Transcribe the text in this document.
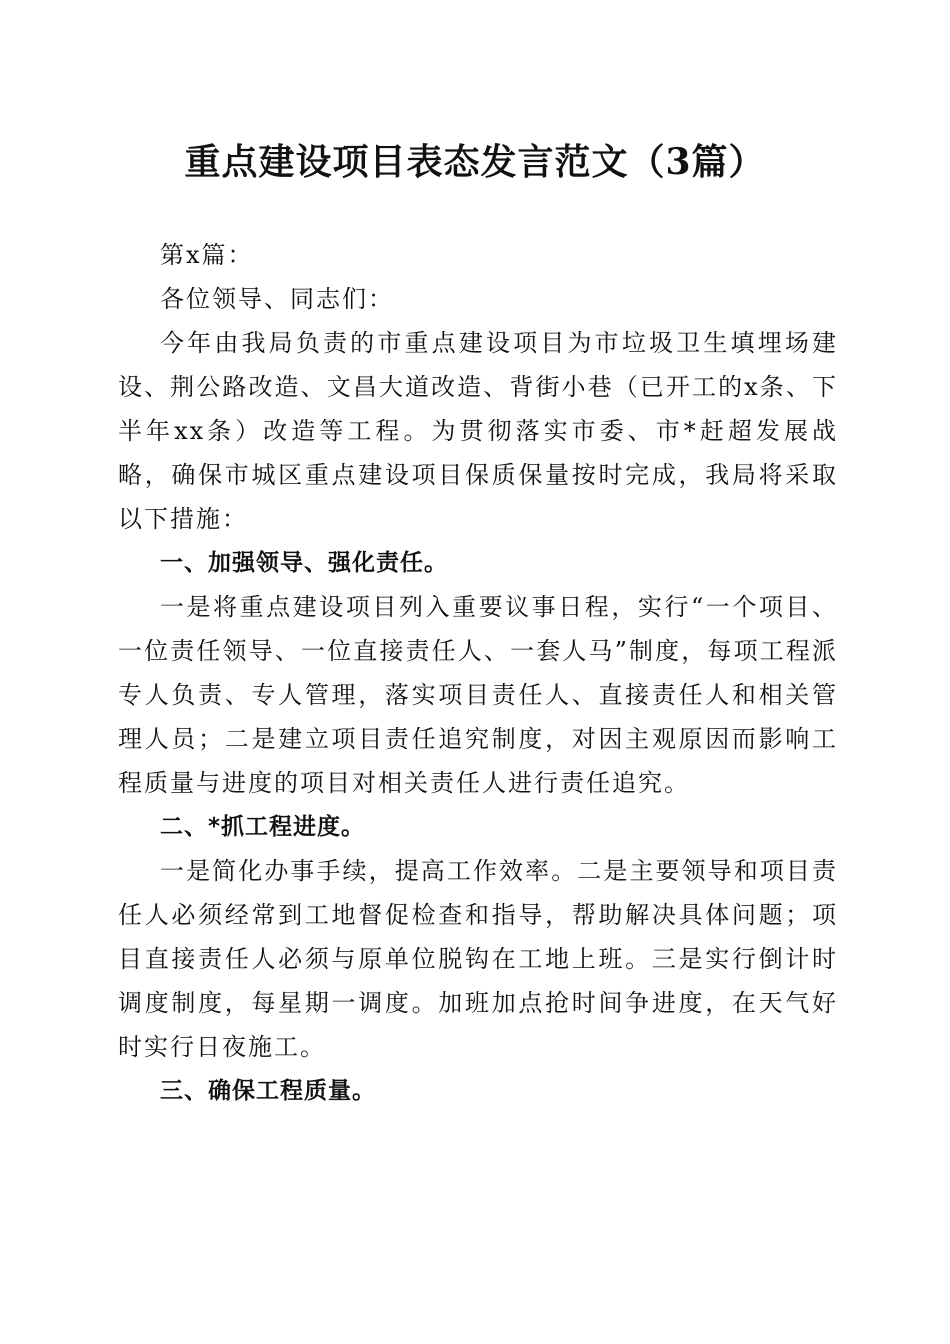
重点建设项目表态发言范文（3篇）

第x篇：

各位领导、同志们：

今年由我局负责的市重点建设项目为市垃圾卫生填埋场建设、荆公路改造、文昌大道改造、背街小巷（已开工的x条、下半年xx条）改造等工程。为贯彻落实市委、市*赶超发展战略，确保市城区重点建设项目保质保量按时完成，我局将采取以下措施：

一、加强领导、强化责任。

一是将重点建设项目列入重要议事日程，实行“一个项目、一位责任领导、一位直接责任人、一套人马”制度，每项工程派专人负责、专人管理，落实项目责任人、直接责任人和相关管理人员；二是建立项目责任追究制度，对因主观原因而影响工程质量与进度的项目对相关责任人进行责任追究。

二、*抓工程进度。

一是简化办事手续，提高工作效率。二是主要领导和项目责任人必须经常到工地督促检查和指导，帮助解决具体问题；项目直接责任人必须与原单位脱钩在工地上班。三是实行倒计时调度制度，每星期一调度。加班加点抢时间争进度，在天气好时实行日夜施工。

三、确保工程质量。
